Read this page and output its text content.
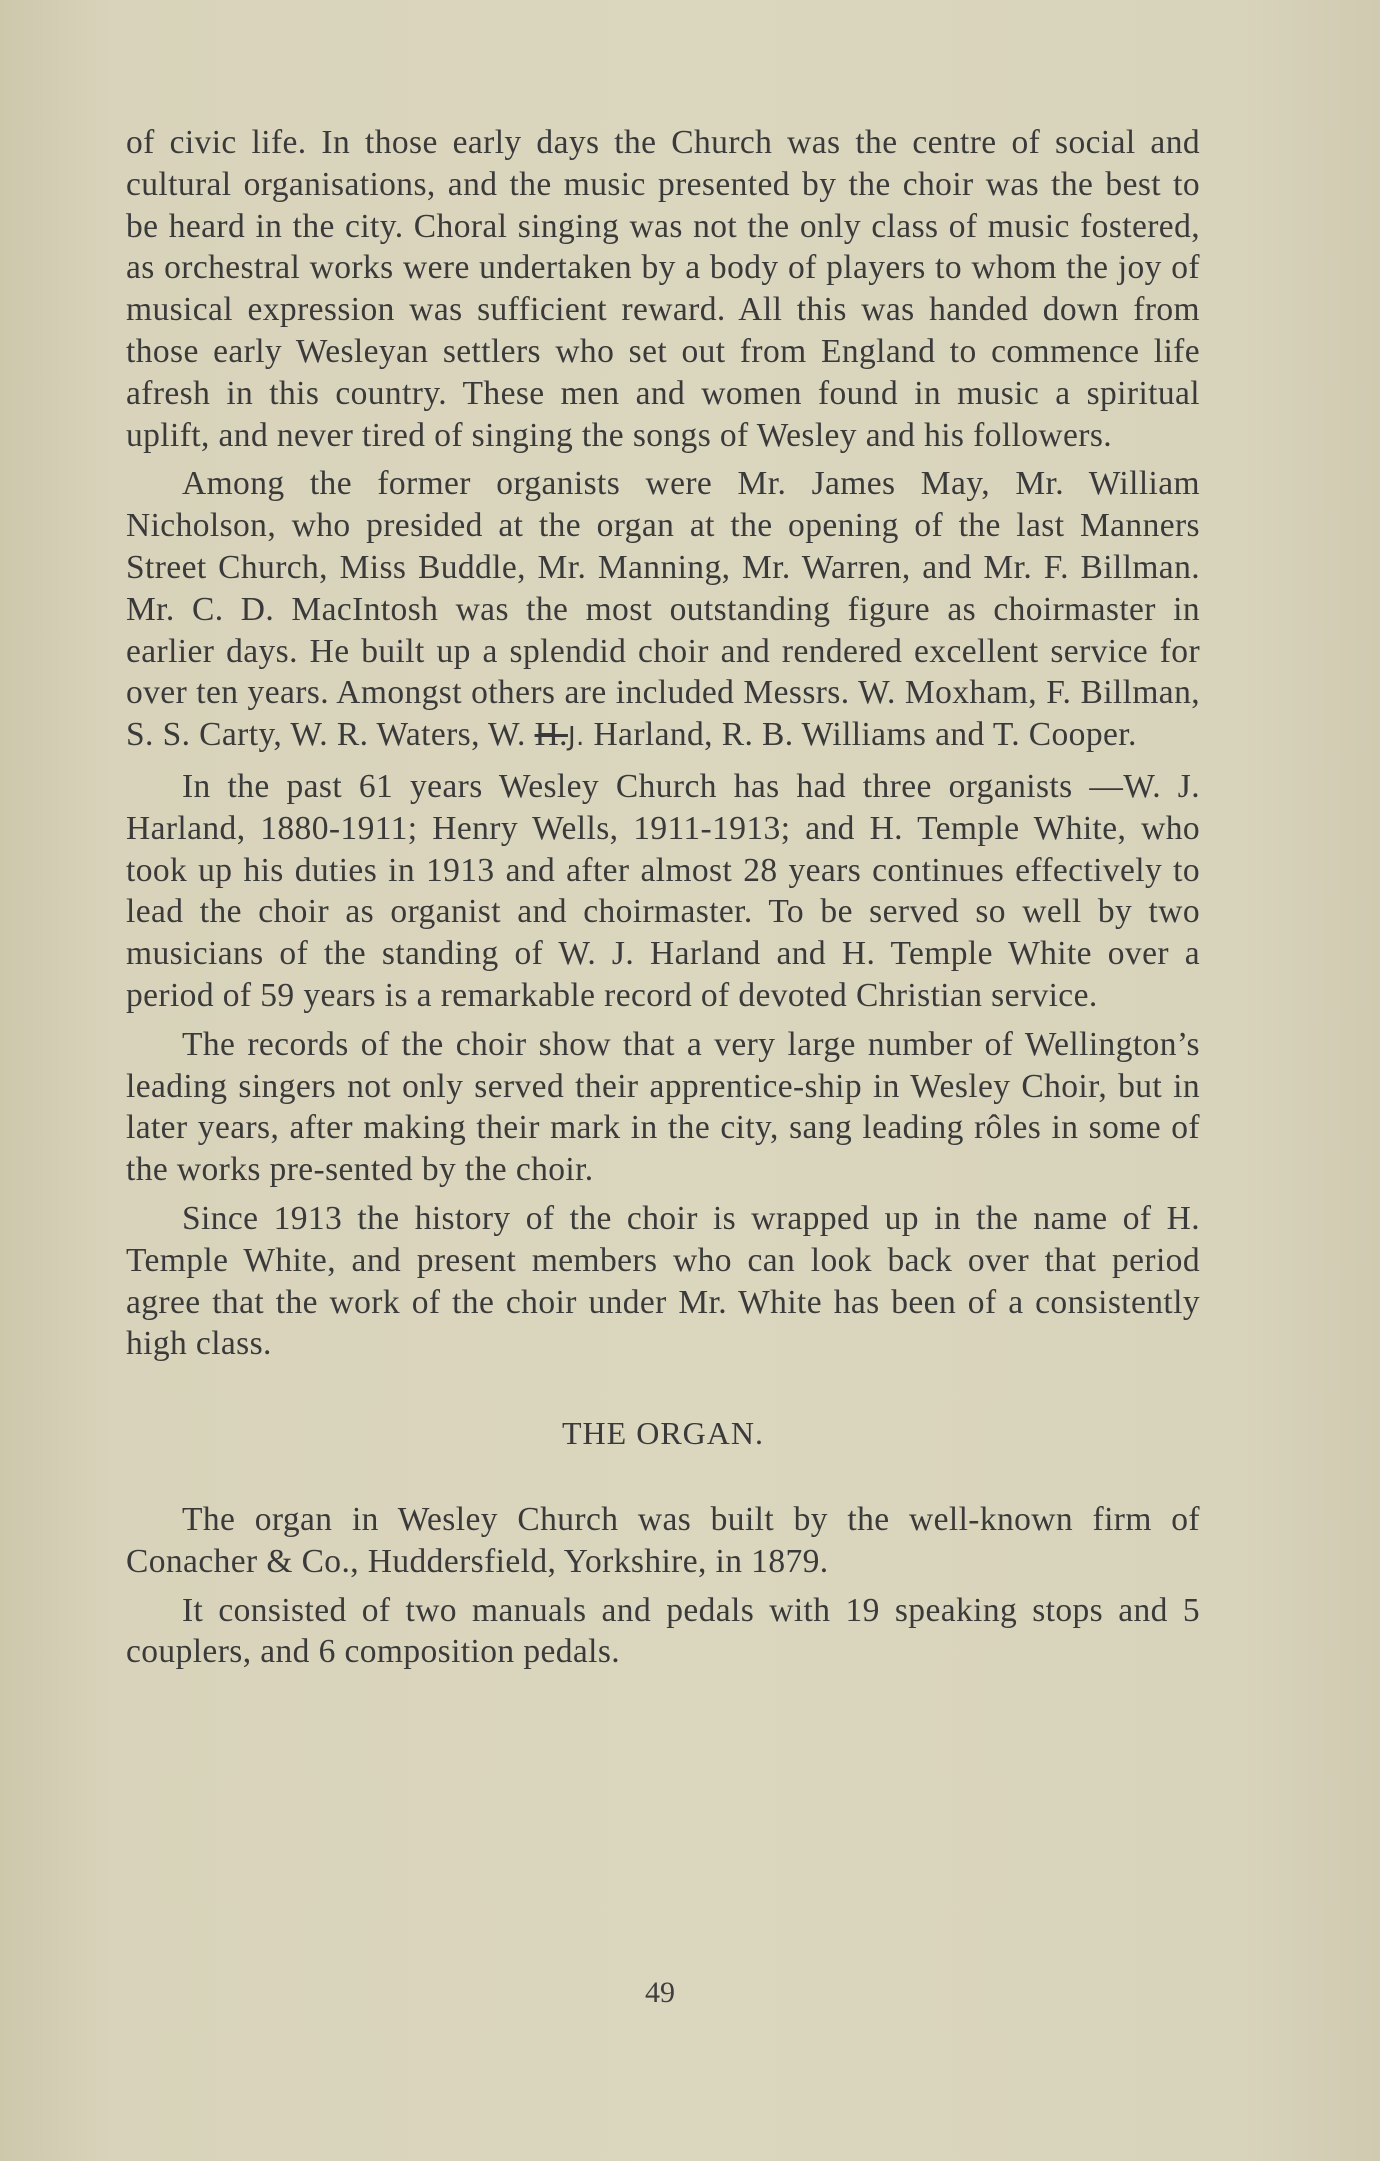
of civic life. In those early days the Church was the centre of social and cultural organisations, and the music presented by the choir was the best to be heard in the city. Choral singing was not the only class of music fostered, as orchestral works were undertaken by a body of players to whom the joy of musical expression was sufficient reward. All this was handed down from those early Wesleyan settlers who set out from England to commence life afresh in this country. These men and women found in music a spiritual uplift, and never tired of singing the songs of Wesley and his followers.

Among the former organists were Mr. James May, Mr. William Nicholson, who presided at the organ at the opening of the last Manners Street Church, Miss Buddle, Mr. Manning, Mr. Warren, and Mr. F. Billman. Mr. C. D. MacIntosh was the most outstanding figure as choirmaster in earlier days. He built up a splendid choir and rendered excellent service for over ten years. Amongst others are included Messrs. W. Moxham, F. Billman, S. S. Carty, W. R. Waters, W. H.J. Harland, R. B. Williams and T. Cooper.

In the past 61 years Wesley Church has had three organists —W. J. Harland, 1880-1911; Henry Wells, 1911-1913; and H. Temple White, who took up his duties in 1913 and after almost 28 years continues effectively to lead the choir as organist and choirmaster. To be served so well by two musicians of the standing of W. J. Harland and H. Temple White over a period of 59 years is a remarkable record of devoted Christian service.

The records of the choir show that a very large number of Wellington’s leading singers not only served their apprentice-ship in Wesley Choir, but in later years, after making their mark in the city, sang leading rôles in some of the works pre-sented by the choir.

Since 1913 the history of the choir is wrapped up in the name of H. Temple White, and present members who can look back over that period agree that the work of the choir under Mr. White has been of a consistently high class.

THE ORGAN.

The organ in Wesley Church was built by the well-known firm of Conacher & Co., Huddersfield, Yorkshire, in 1879.

It consisted of two manuals and pedals with 19 speaking stops and 5 couplers, and 6 composition pedals.

49
